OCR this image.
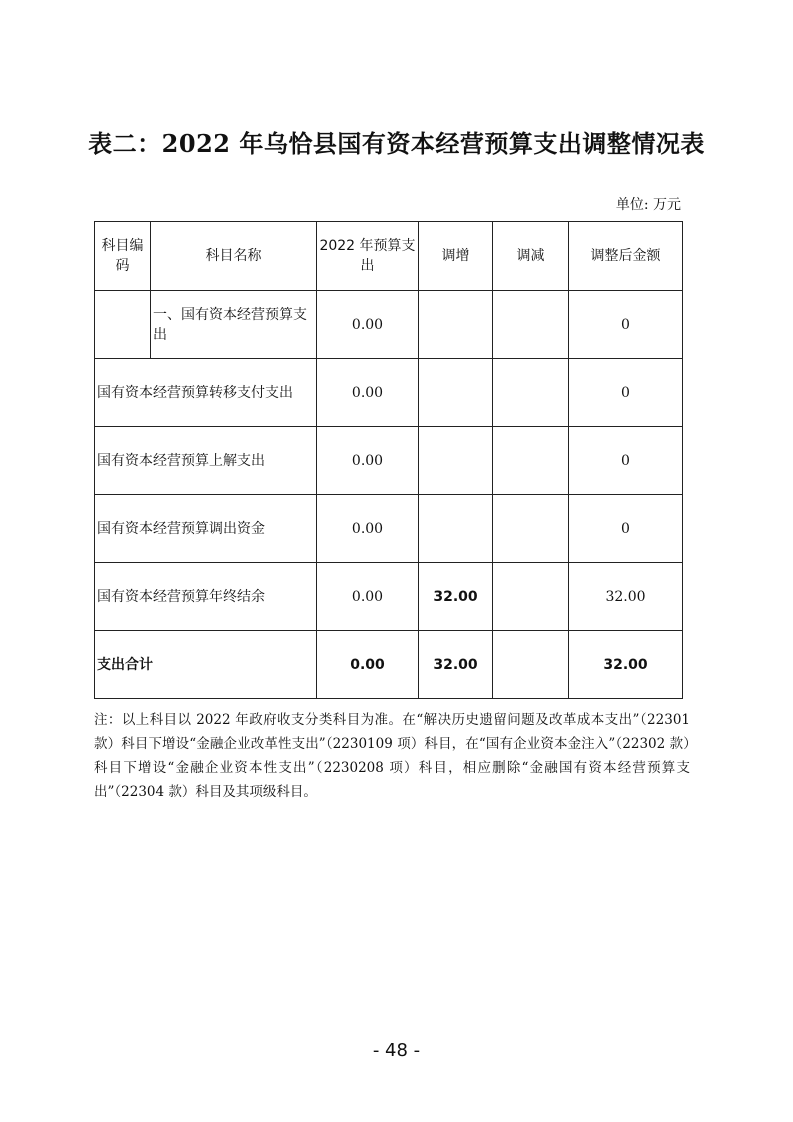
表二：2022 年乌恰县国有资本经营预算支出调整情况表
单位: 万元
科目编码	科目名称	2022 年预算支出	调增	调减	调整后金额
	一、国有资本经营预算支出	0.00			0
国有资本经营预算转移支付支出		0.00			0
国有资本经营预算上解支出		0.00			0
国有资本经营预算调出资金		0.00			0
国有资本经营预算年终结余		0.00	32.00		32.00
支出合计		0.00	32.00		32.00
注：以上科目以 2022 年政府收支分类科目为准。在“解决历史遗留问题及改革成本支出”（22301 款）科目下增设“金融企业改革性支出”（2230109 项）科目，在“国有企业资本金注入”（22302 款）科目下增设“金融企业资本性支出”（2230208 项）科目，相应删除“金融国有资本经营预算支出”（22304 款）科目及其项级科目。
- 48 -
